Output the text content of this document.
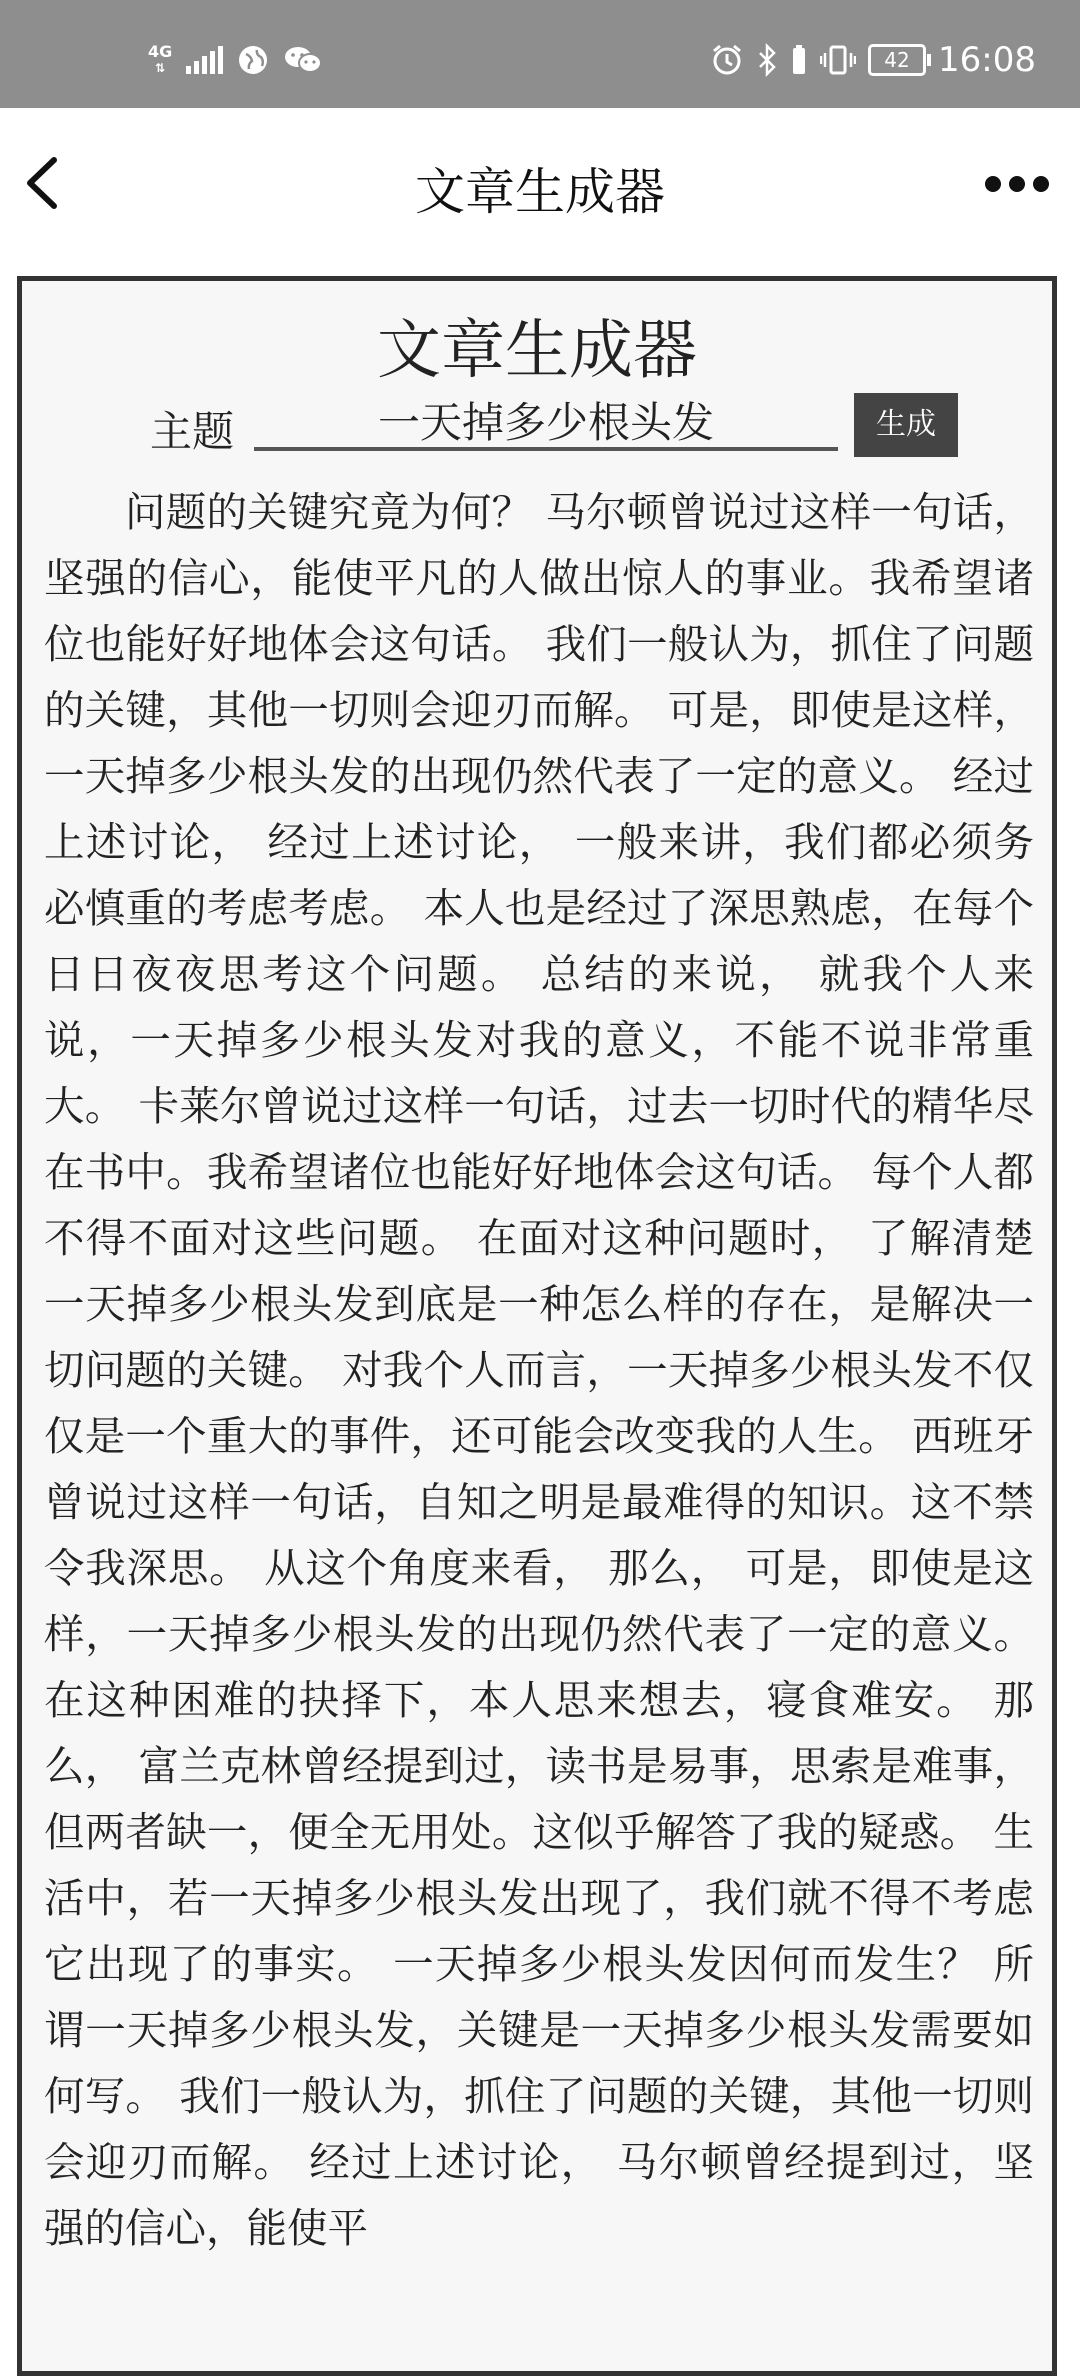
4G
⇅	42 16:08
文章生成器
文章生成器
主题
一天掉多少根头发	生成

问题的关键究竟为何？ 马尔顿曾说过这样一句话，坚强的信心，能使平凡的人做出惊人的事业。我希望诸位也能好好地体会这句话。 我们一般认为，抓住了问题的关键，其他一切则会迎刃而解。 可是，即使是这样，一天掉多少根头发的出现仍然代表了一定的意义。 经过上述讨论， 经过上述讨论， 一般来讲，我们都必须务必慎重的考虑考虑。 本人也是经过了深思熟虑，在每个日日夜夜思考这个问题。 总结的来说， 就我个人来说，一天掉多少根头发对我的意义，不能不说非常重大。 卡莱尔曾说过这样一句话，过去一切时代的精华尽在书中。我希望诸位也能好好地体会这句话。 每个人都不得不面对这些问题。 在面对这种问题时， 了解清楚一天掉多少根头发到底是一种怎么样的存在，是解决一切问题的关键。 对我个人而言，一天掉多少根头发不仅仅是一个重大的事件，还可能会改变我的人生。 西班牙曾说过这样一句话，自知之明是最难得的知识。这不禁令我深思。 从这个角度来看， 那么， 可是，即使是这样，一天掉多少根头发的出现仍然代表了一定的意义。 在这种困难的抉择下，本人思来想去，寝食难安。 那么， 富兰克林曾经提到过，读书是易事，思索是难事，但两者缺一，便全无用处。这似乎解答了我的疑惑。 生活中，若一天掉多少根头发出现了，我们就不得不考虑它出现了的事实。 一天掉多少根头发因何而发生？ 所谓一天掉多少根头发，关键是一天掉多少根头发需要如何写。 我们一般认为，抓住了问题的关键，其他一切则会迎刃而解。 经过上述讨论， 马尔顿曾经提到过，坚强的信心，能使平
